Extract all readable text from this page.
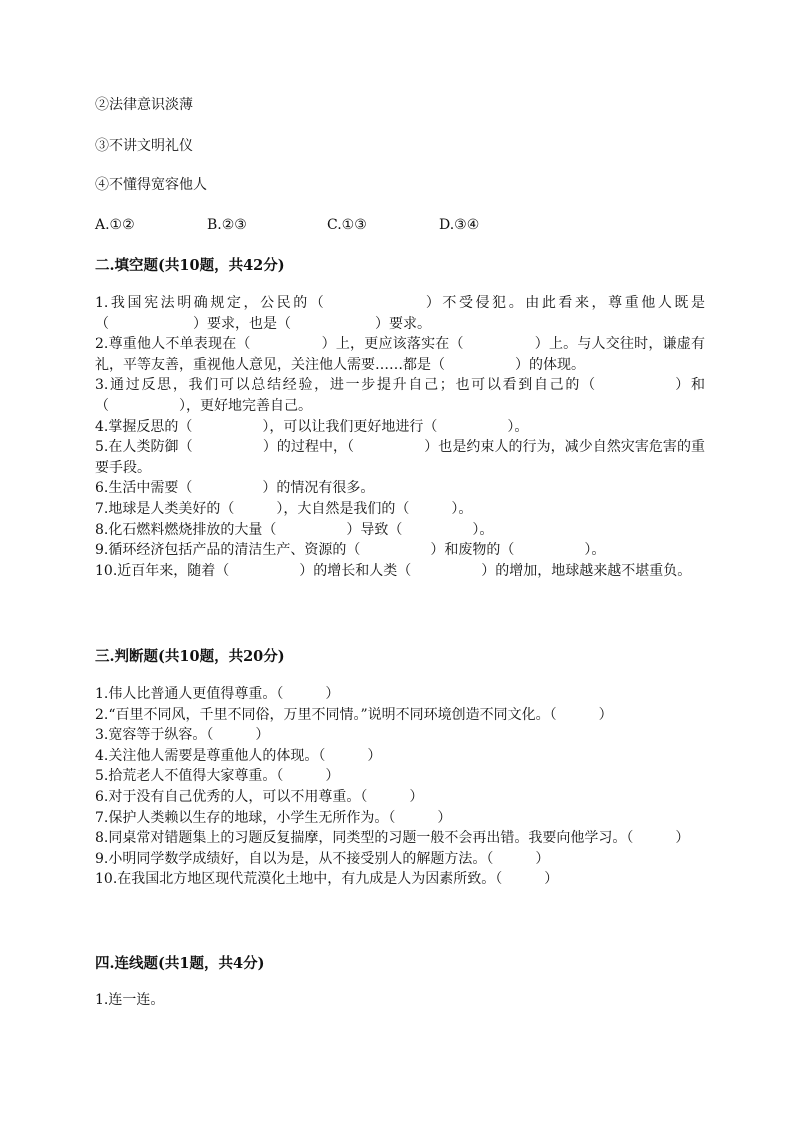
②法律意识淡薄
③不讲文明礼仪
④不懂得宽容他人
A.①②	B.②③	C.①③	D.③④
二.填空题(共10题，共42分)
1.我国宪法明确规定，公民的（　　　　　　）不受侵犯。由此看来，尊重他人既是（　　　　　　）要求，也是（　　　　　　）要求。
2.尊重他人不单表现在（　　　　　）上，更应该落实在（　　　　　）上。与人交往时，谦虚有礼，平等友善，重视他人意见，关注他人需要……都是（　　　　　）的体现。
3.通过反思，我们可以总结经验，进一步提升自己；也可以看到自己的（　　　　　）和（　　　　　），更好地完善自己。
4.掌握反思的（　　　　　），可以让我们更好地进行（　　　　　）。
5.在人类防御（　　　　　）的过程中，（　　　　　）也是约束人的行为，减少自然灾害危害的重要手段。
6.生活中需要（　　　　　）的情况有很多。
7.地球是人类美好的（　　　），大自然是我们的（　　　）。
8.化石燃料燃烧排放的大量（　　　　　）导致（　　　　　）。
9.循环经济包括产品的清洁生产、资源的（　　　　　）和废物的（　　　　　）。
10.近百年来，随着（　　　　　）的增长和人类（　　　　　）的增加，地球越来越不堪重负。
三.判断题(共10题，共20分)
1.伟人比普通人更值得尊重。（　　　）
2.“百里不同风，千里不同俗，万里不同情。”说明不同环境创造不同文化。（　　　）
3.宽容等于纵容。（　　　）
4.关注他人需要是尊重他人的体现。（　　　）
5.拾荒老人不值得大家尊重。（　　　）
6.对于没有自己优秀的人，可以不用尊重。（　　　）
7.保护人类赖以生存的地球，小学生无所作为。（　　　）
8.同桌常对错题集上的习题反复揣摩，同类型的习题一般不会再出错。我要向他学习。（　　　）
9.小明同学数学成绩好，自以为是，从不接受别人的解题方法。（　　　）
10.在我国北方地区现代荒漠化土地中，有九成是人为因素所致。（　　　）
四.连线题(共1题，共4分)
1.连一连。
